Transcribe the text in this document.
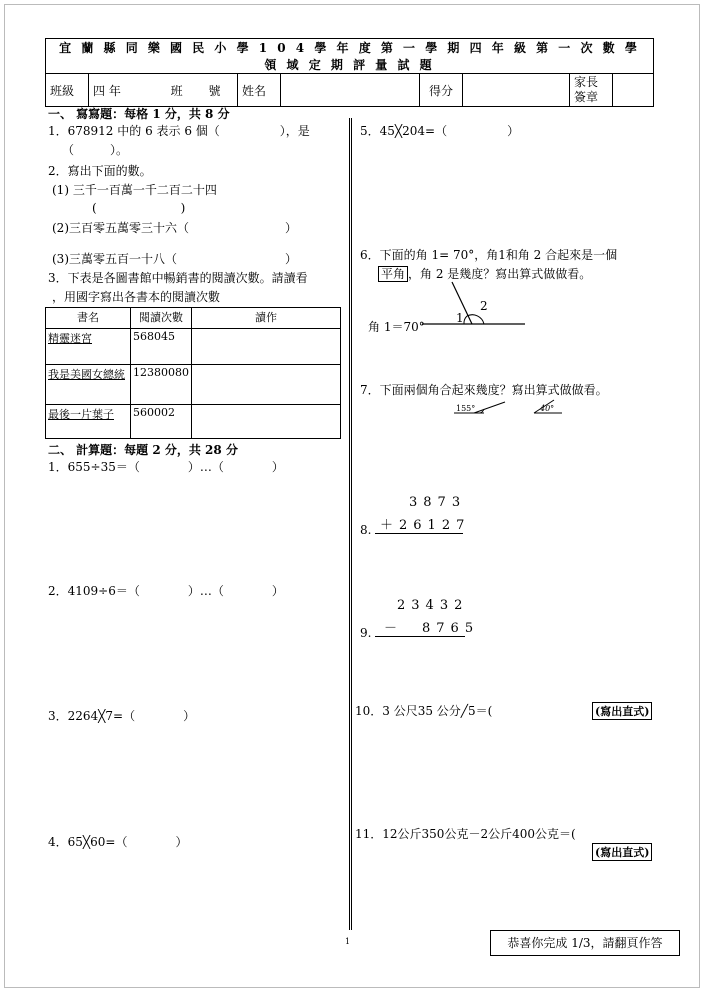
宜 蘭 縣 同 樂 國 民 小 學 1 0 4 學 年 度 第 一 學 期 四 年 級 第 一 次 數 學 領 域 定 期 評 量 試 題
班級	四 年	班 號	姓名		得分		家長
簽章	
一、 寫寫題：每格 1 分，共 8 分
1．678912 中的 6 表示 6 個（　　　　　），是
（　　　）。
2．寫出下面的數。
(1) 三千一百萬一千二百二十四
(　　　　　　　)
(2)三百零五萬零三十六（　　　　　　　　）
(3)三萬零五百一十八（　　　　　　　　　）
3．下表是各圖書館中暢銷書的閱讀次數。請讀看
，用國字寫出各書本的閱讀次數
書名	閱讀次數	讀作
精靈迷宮	568045	
我是美國女總統	12380080	
最後一片葉子	560002	
二、 計算題：每題 2 分，共 28 分
1．655÷35＝（　　　　）…（　　　　）
2．4109÷6＝（　　　　）…（　　　　）
3．2264╳7=（　　　　）
4．65╳60=（　　　　）
5．45╳204=（　　　　　）
6．下面的角 1= 70°，角1和角 2 合起來是一個
平角 ，角 2 是幾度？寫出算式做做看。
角 1＝70°
1
2
7．下面兩個角合起來幾度？寫出算式做做看。
155°	40°
3873
＋26127
8.
23432
－　8765
9.
10．3 公尺35 公分╱5＝(	(寫出直式)
11．12公斤350公克－2公斤400公克＝(
(寫出直式)
1	恭喜你完成 1/3，請翻頁作答
